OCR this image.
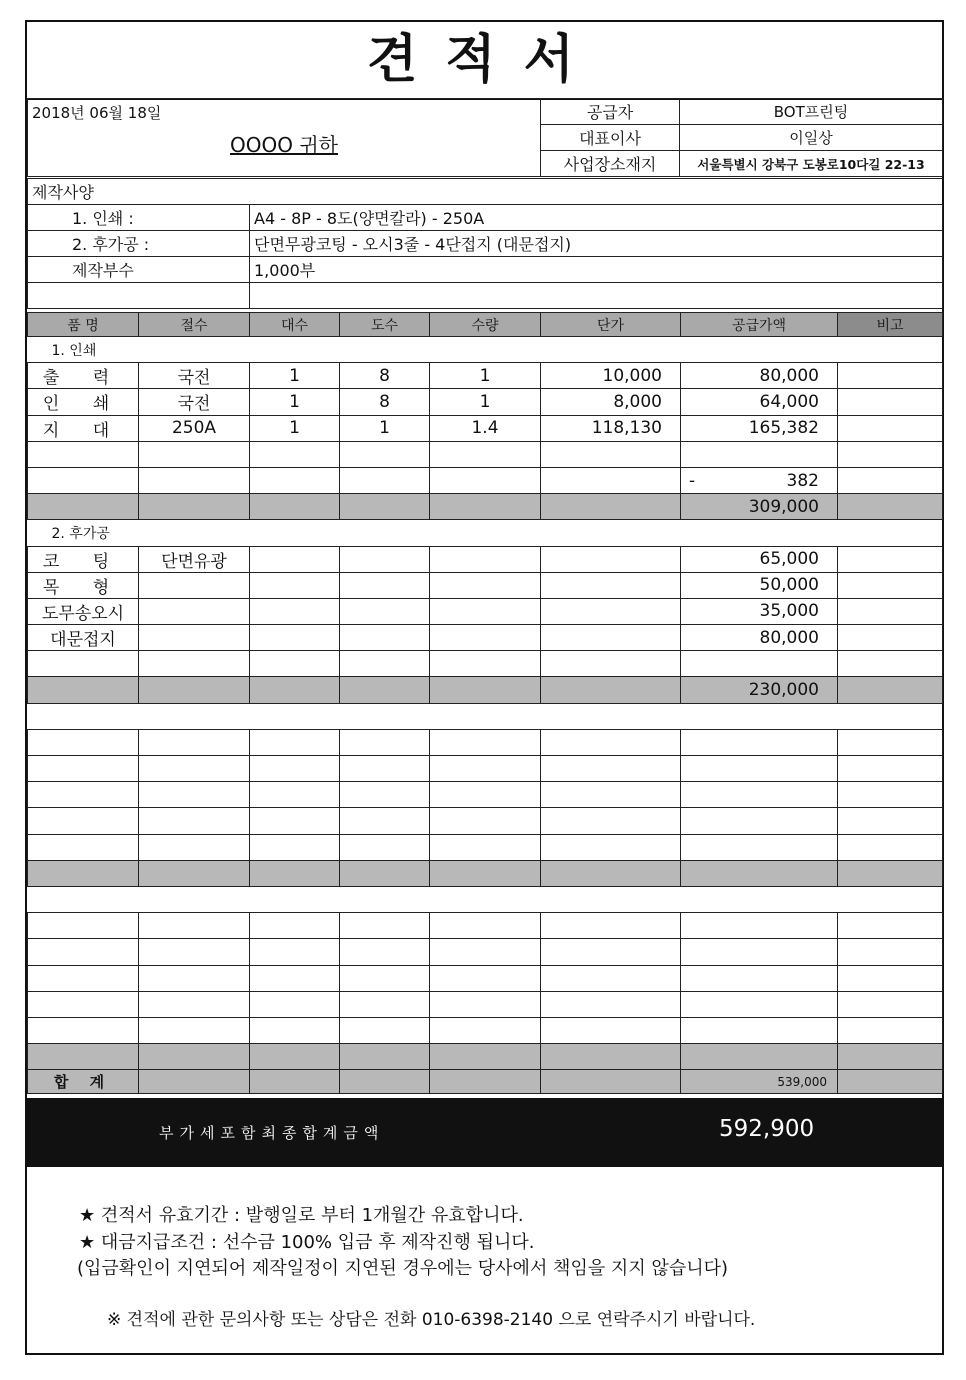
견적서
2018년 06월 18일
OOOO 귀하	공급자	BOT프린팅
	대표이사	이일상
	사업장소재지	서울특별시 강북구 도봉로10다길 22-13
제작사양	
1. 인쇄 :	A4 - 8P - 8도(양면칼라) - 250A
2. 후가공 :	단면무광코팅 - 오시3줄 - 4단접지 (대문접지)
제작부수	1,000부

품 명	절수	대수	도수	수량	단가	공급가액	비고
1. 인쇄							
출 력	국전	1	8	1	10,000	80,000	
인 쇄	국전	1	8	1	8,000	64,000	
지 대	250A	1	1	1.4	118,130	165,382	

						- 382	
						309,000	
2. 후가공							
코 팅	단면유광					65,000	
목 형						50,000	
도무송오시						35,000	
대문접지						80,000	

						230,000	

합 계						539,000	
부가세포함최종합계금액	592,900

★ 견적서 유효기간 : 발행일로 부터 1개월간 유효합니다.

★ 대금지급조건 : 선수금 100% 입금 후 제작진행 됩니다.

(입금확인이 지연되어 제작일정이 지연된 경우에는 당사에서 책임을 지지 않습니다)

※ 견적에 관한 문의사항 또는 상담은 전화 010-6398-2140 으로 연락주시기 바랍니다.
